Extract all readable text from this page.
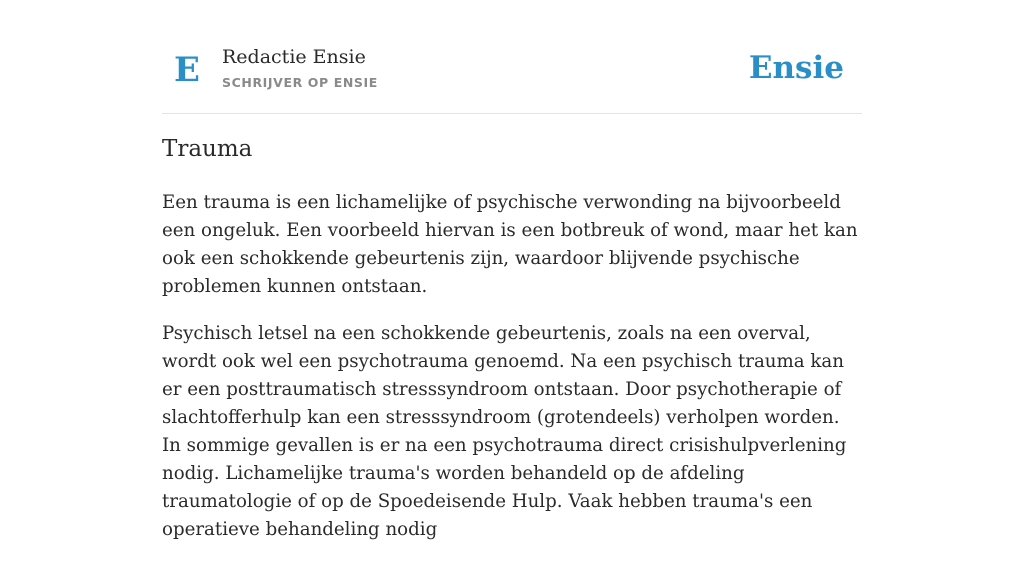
E Redactie Ensie
SCHRIJVER OP ENSIE	Ensie
Trauma

Een trauma is een lichamelijke of psychische verwonding na bijvoorbeeld een ongeluk. Een voorbeeld hiervan is een botbreuk of wond, maar het kan ook een schokkende gebeurtenis zijn, waardoor blijvende psychische problemen kunnen ontstaan.

Psychisch letsel na een schokkende gebeurtenis, zoals na een overval, wordt ook wel een psychotrauma genoemd. Na een psychisch trauma kan er een posttraumatisch stresssyndroom ontstaan. Door psychotherapie of slachtofferhulp kan een stresssyndroom (grotendeels) verholpen worden. In sommige gevallen is er na een psychotrauma direct crisishulpverlening nodig. Lichamelijke trauma's worden behandeld op de afdeling traumatologie of op de Spoedeisende Hulp. Vaak hebben trauma's een operatieve behandeling nodig
